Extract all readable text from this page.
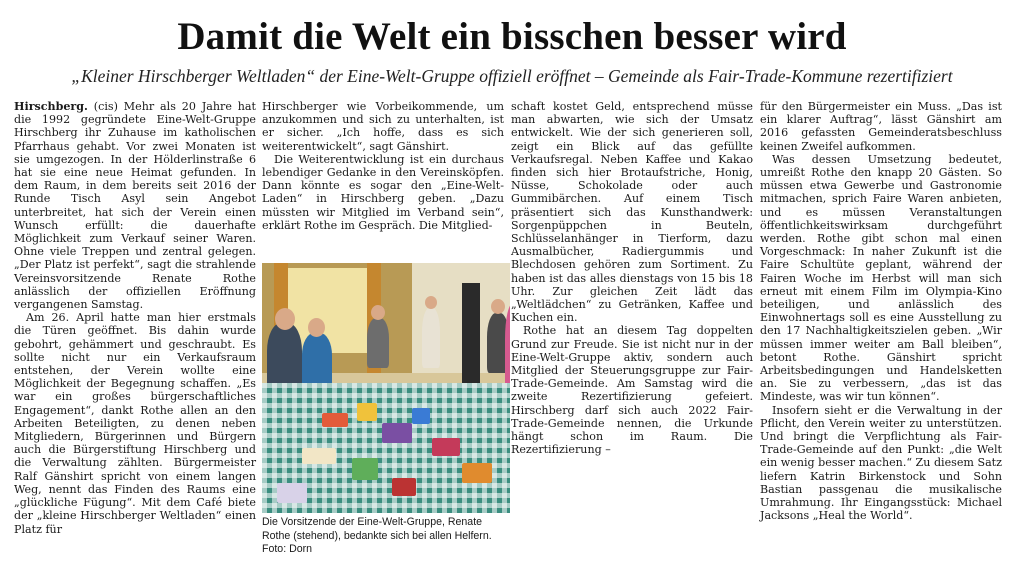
Damit die Welt ein bisschen besser wird
„Kleiner Hirschberger Weltladen“ der Eine-Welt-Gruppe offiziell eröffnet – Gemeinde als Fair-Trade-Kommune rezertifiziert

Hirschberg. (cis) Mehr als 20 Jahre hat die 1992 gegründete Eine-Welt-Gruppe Hirschberg ihr Zuhause im katholischen Pfarrhaus gehabt. Vor zwei Monaten ist sie umgezogen. In der Hölderlinstraße 6 hat sie eine neue Heimat gefunden. In dem Raum, in dem bereits seit 2016 der Runde Tisch Asyl sein Angebot unterbreitet, hat sich der Verein einen Wunsch erfüllt: die dauerhafte Möglichkeit zum Verkauf seiner Waren. Ohne viele Treppen und zentral gelegen. „Der Platz ist perfekt“, sagt die strahlende Vereinsvorsitzende Renate Rothe anlässlich der offiziellen Eröffnung vergangenen Samstag.

Am 26. April hatte man hier erstmals die Türen geöffnet. Bis dahin wurde gebohrt, gehämmert und geschraubt. Es sollte nicht nur ein Verkaufsraum entstehen, der Verein wollte eine Möglichkeit der Begegnung schaffen. „Es war ein großes bürgerschaftliches Engagement“, dankt Rothe allen an den Arbeiten Beteiligten, zu denen neben Mitgliedern, Bürgerinnen und Bürgern auch die Bürgerstiftung Hirschberg und die Verwaltung zählten. Bürgermeister Ralf Gänshirt spricht von einem langen Weg, nennt das Finden des Raums eine „glückliche Fügung“. Mit dem Café biete der „kleine Hirschberger Weltladen“ einen Platz für

Hirschberger wie Vorbeikommende, um anzukommen und sich zu unterhalten, ist er sicher. „Ich hoffe, dass es sich weiterentwickelt“, sagt Gänshirt.

Die Weiterentwicklung ist ein durchaus lebendiger Gedanke in den Vereinsköpfen. Dann könnte es sogar den „Eine-Welt-Laden“ in Hirschberg geben. „Dazu müssten wir Mitglied im Verband sein“, erklärt Rothe im Gespräch. Die Mitglied-

Die Vorsitzende der Eine-Welt-Gruppe, Renate Rothe (stehend), bedankte sich bei allen Helfern. Foto: Dorn

schaft kostet Geld, entsprechend müsse man abwarten, wie sich der Umsatz entwickelt. Wie der sich generieren soll, zeigt ein Blick auf das gefüllte Verkaufsregal. Neben Kaffee und Kakao finden sich hier Brotaufstriche, Honig, Nüsse, Schokolade oder auch Gummibärchen. Auf einem Tisch präsentiert sich das Kunsthandwerk: Sorgenpüppchen in Beuteln, Schlüsselanhänger in Tierform, dazu Ausmalbücher, Radiergummis und Blechdosen gehören zum Sortiment. Zu haben ist das alles dienstags von 15 bis 18 Uhr. Zur gleichen Zeit lädt das „Weltlädchen“ zu Getränken, Kaffee und Kuchen ein.

Rothe hat an diesem Tag doppelten Grund zur Freude. Sie ist nicht nur in der Eine-Welt-Gruppe aktiv, sondern auch Mitglied der Steuerungsgruppe zur Fair-Trade-Gemeinde. Am Samstag wird die zweite Rezertifizierung gefeiert. Hirschberg darf sich auch 2022 Fair-Trade-Gemeinde nennen, die Urkunde hängt schon im Raum. Die Rezertifizierung –

für den Bürgermeister ein Muss. „Das ist ein klarer Auftrag“, lässt Gänshirt am 2016 gefassten Gemeinderatsbeschluss keinen Zweifel aufkommen.

Was dessen Umsetzung bedeutet, umreißt Rothe den knapp 20 Gästen. So müssen etwa Gewerbe und Gastronomie mitmachen, sprich Faire Waren anbieten, und es müssen Veranstaltungen öffentlichkeitswirksam durchgeführt werden. Rothe gibt schon mal einen Vorgeschmack: In naher Zukunft ist die Faire Schultüte geplant, während der Fairen Woche im Herbst will man sich erneut mit einem Film im Olympia-Kino beteiligen, und anlässlich des Einwohnertags soll es eine Ausstellung zu den 17 Nachhaltigkeitszielen geben. „Wir müssen immer weiter am Ball bleiben“, betont Rothe. Gänshirt spricht Arbeitsbedingungen und Handelsketten an. Sie zu verbessern, „das ist das Mindeste, was wir tun können“.

Insofern sieht er die Verwaltung in der Pflicht, den Verein weiter zu unterstützen. Und bringt die Verpflichtung als Fair-Trade-Gemeinde auf den Punkt: „die Welt ein wenig besser machen.“ Zu diesem Satz liefern Katrin Birkenstock und Sohn Bastian passgenau die musikalische Umrahmung. Ihr Eingangsstück: Michael Jacksons „Heal the World“.
